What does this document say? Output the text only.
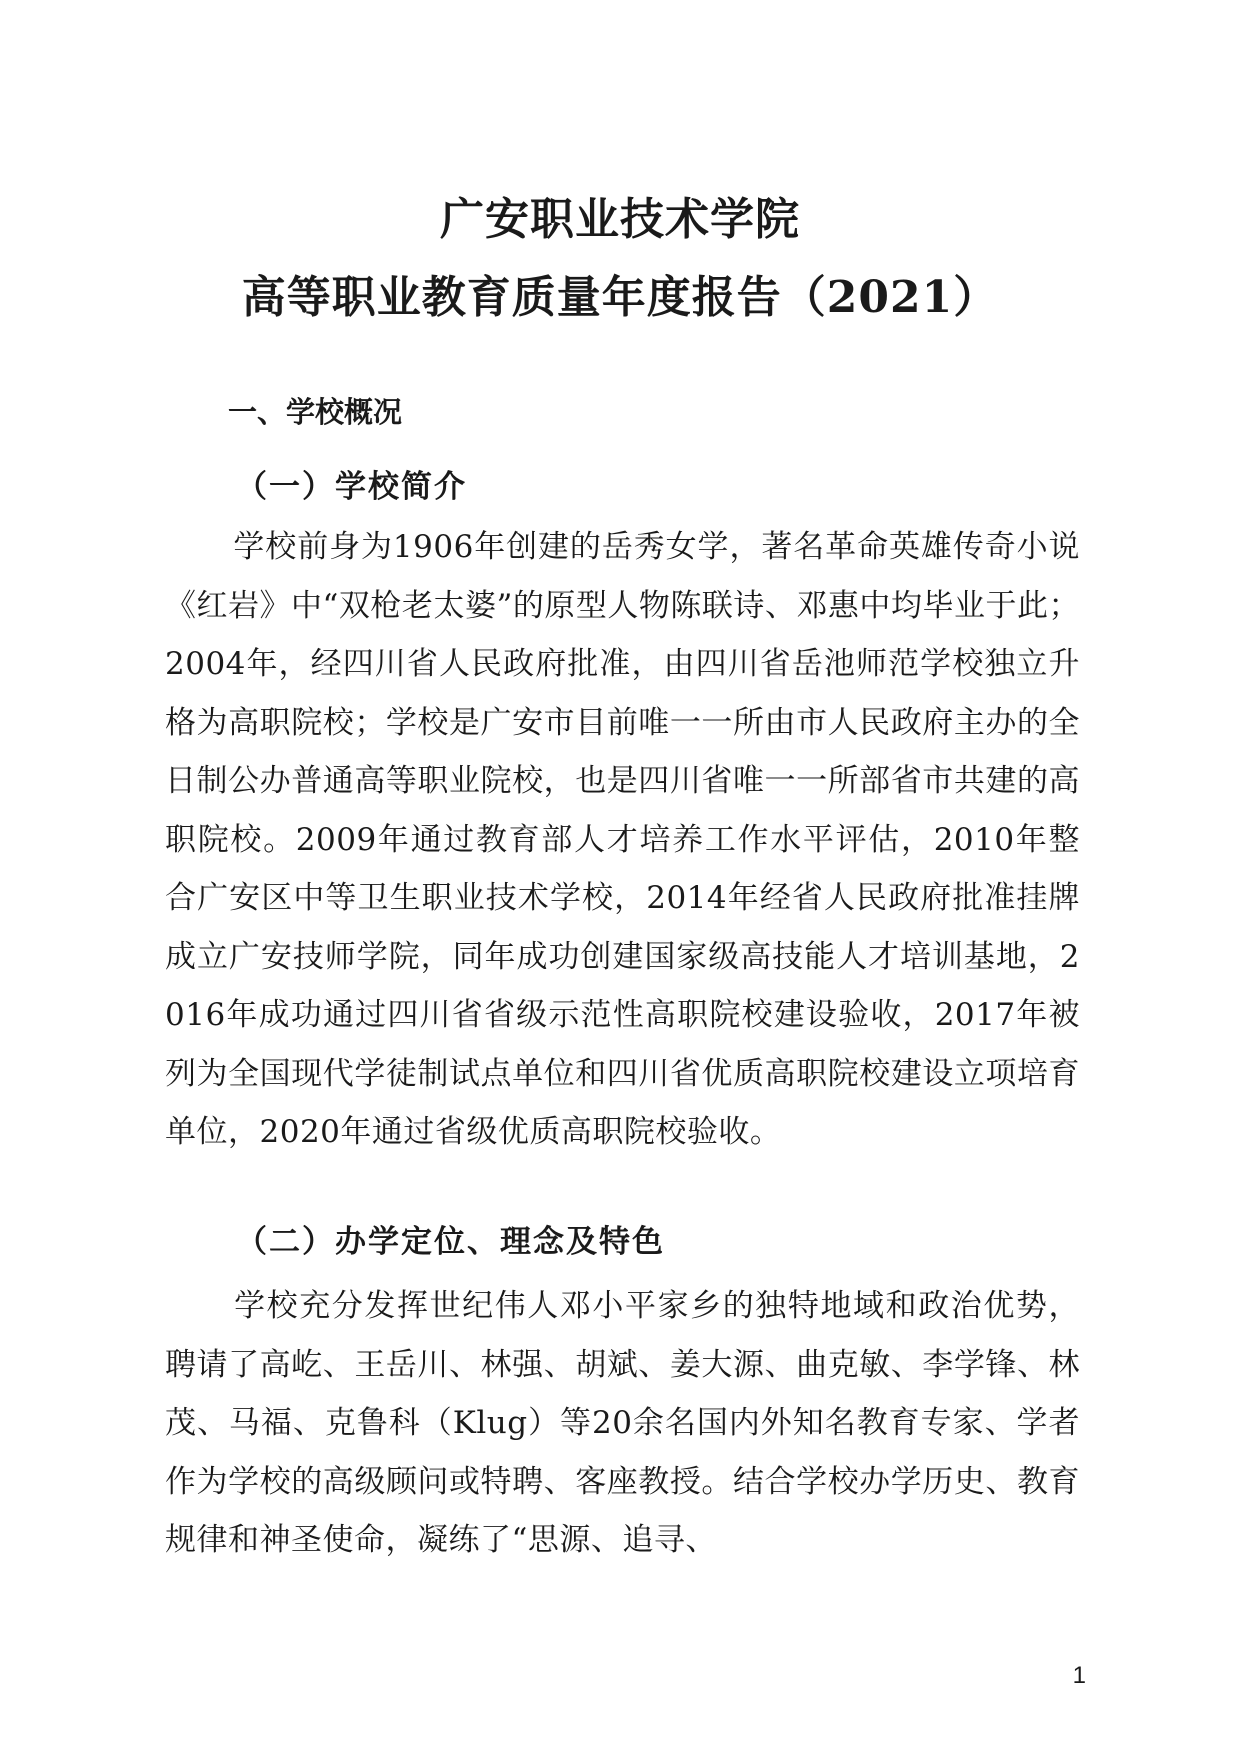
广安职业技术学院
高等职业教育质量年度报告（2021）
一、学校概况
（一）学校简介

学校前身为1906年创建的岳秀女学，著名革命英雄传奇小说《红岩》中“双枪老太婆”的原型人物陈联诗、邓惠中均毕业于此；2004年，经四川省人民政府批准，由四川省岳池师范学校独立升格为高职院校；学校是广安市目前唯一一所由市人民政府主办的全日制公办普通高等职业院校，也是四川省唯一一所部省市共建的高职院校。2009年通过教育部人才培养工作水平评估，2010年整合广安区中等卫生职业技术学校，2014年经省人民政府批准挂牌成立广安技师学院，同年成功创建国家级高技能人才培训基地，2016年成功通过四川省省级示范性高职院校建设验收，2017年被列为全国现代学徒制试点单位和四川省优质高职院校建设立项培育单位，2020年通过省级优质高职院校验收。

（二）办学定位、理念及特色

学校充分发挥世纪伟人邓小平家乡的独特地域和政治优势，聘请了高屹、王岳川、林强、胡斌、姜大源、曲克敏、李学锋、林茂、马福、克鲁科（Klug）等20余名国内外知名教育专家、学者作为学校的高级顾问或特聘、客座教授。结合学校办学历史、教育规律和神圣使命，凝练了“思源、追寻、

1
